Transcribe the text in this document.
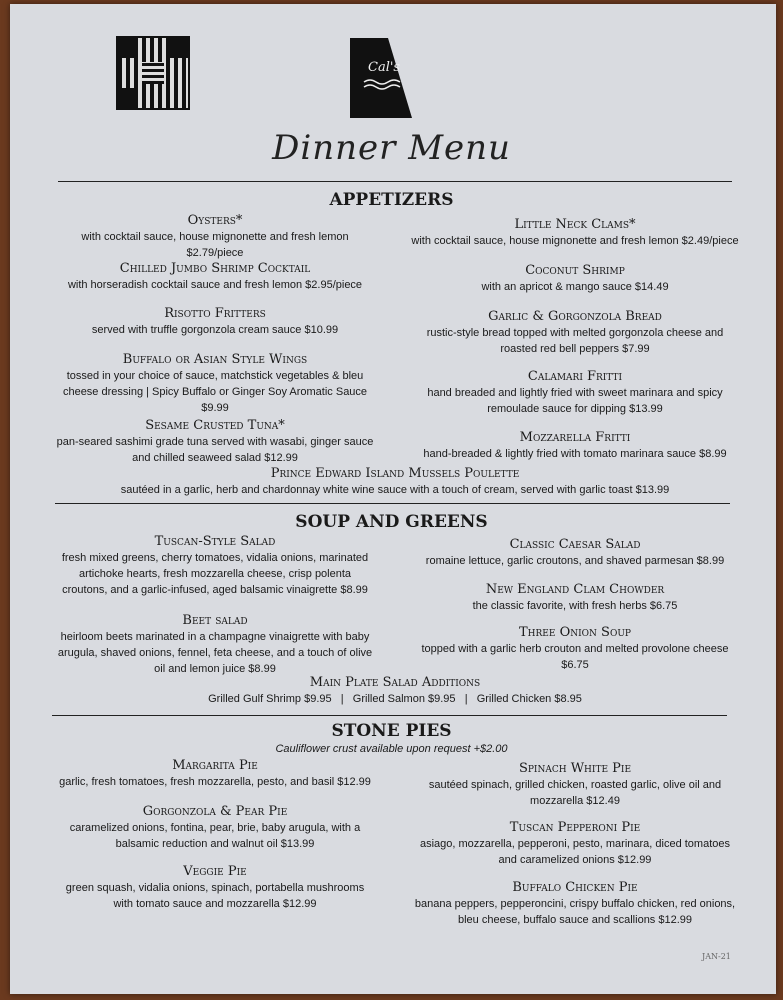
Cal's
Dinner Menu
APPETIZERS
Oysters*
with cocktail sauce, house mignonette and fresh lemon $2.79/piece
Little Neck Clams*
with cocktail sauce, house mignonette and fresh lemon $2.49/piece
Chilled Jumbo Shrimp Cocktail
with horseradish cocktail sauce and fresh lemon $2.95/piece
Coconut Shrimp
with an apricot & mango sauce $14.49
Risotto Fritters
served with truffle gorgonzola cream sauce $10.99
Garlic & Gorgonzola Bread
rustic-style bread topped with melted gorgonzola cheese and roasted red bell peppers $7.99
Buffalo or Asian Style Wings
tossed in your choice of sauce, matchstick vegetables & bleu cheese dressing | Spicy Buffalo or Ginger Soy Aromatic Sauce $9.99
Calamari Fritti
hand breaded and lightly fried with sweet marinara and spicy remoulade sauce for dipping $13.99
Sesame Crusted Tuna*
pan-seared sashimi grade tuna served with wasabi, ginger sauce and chilled seaweed salad $12.99
Mozzarella Fritti
hand-breaded & lightly fried with tomato marinara sauce $8.99
Prince Edward Island Mussels Poulette
sautéed in a garlic, herb and chardonnay white wine sauce with a touch of cream, served with garlic toast $13.99
SOUP AND GREENS
Tuscan-Style Salad
fresh mixed greens, cherry tomatoes, vidalia onions, marinated artichoke hearts, fresh mozzarella cheese, crisp polenta croutons, and a garlic-infused, aged balsamic vinaigrette $8.99
Classic Caesar Salad
romaine lettuce, garlic croutons, and shaved parmesan $8.99
New England Clam Chowder
the classic favorite, with fresh herbs $6.75
Beet salad
heirloom beets marinated in a champagne vinaigrette with baby arugula, shaved onions, fennel, feta cheese, and a touch of olive oil and lemon juice $8.99
Three Onion Soup
topped with a garlic herb crouton and melted provolone cheese $6.75
Main Plate Salad Additions
Grilled Gulf Shrimp $9.95   |   Grilled Salmon $9.95   |   Grilled Chicken $8.95
STONE PIES
Cauliflower crust available upon request +$2.00
Margarita Pie
garlic, fresh tomatoes, fresh mozzarella, pesto, and basil $12.99
Spinach White Pie
sautéed spinach, grilled chicken, roasted garlic, olive oil and mozzarella $12.49
Gorgonzola & Pear Pie
caramelized onions, fontina, pear, brie, baby arugula, with a balsamic reduction and walnut oil $13.99
Tuscan Pepperoni Pie
asiago, mozzarella, pepperoni, pesto, marinara, diced tomatoes and caramelized onions $12.99
Veggie Pie
green squash, vidalia onions, spinach, portabella mushrooms with tomato sauce and mozzarella $12.99
Buffalo Chicken Pie
banana peppers, pepperoncini, crispy buffalo chicken, red onions, bleu cheese, buffalo sauce and scallions $12.99
JAN-21
